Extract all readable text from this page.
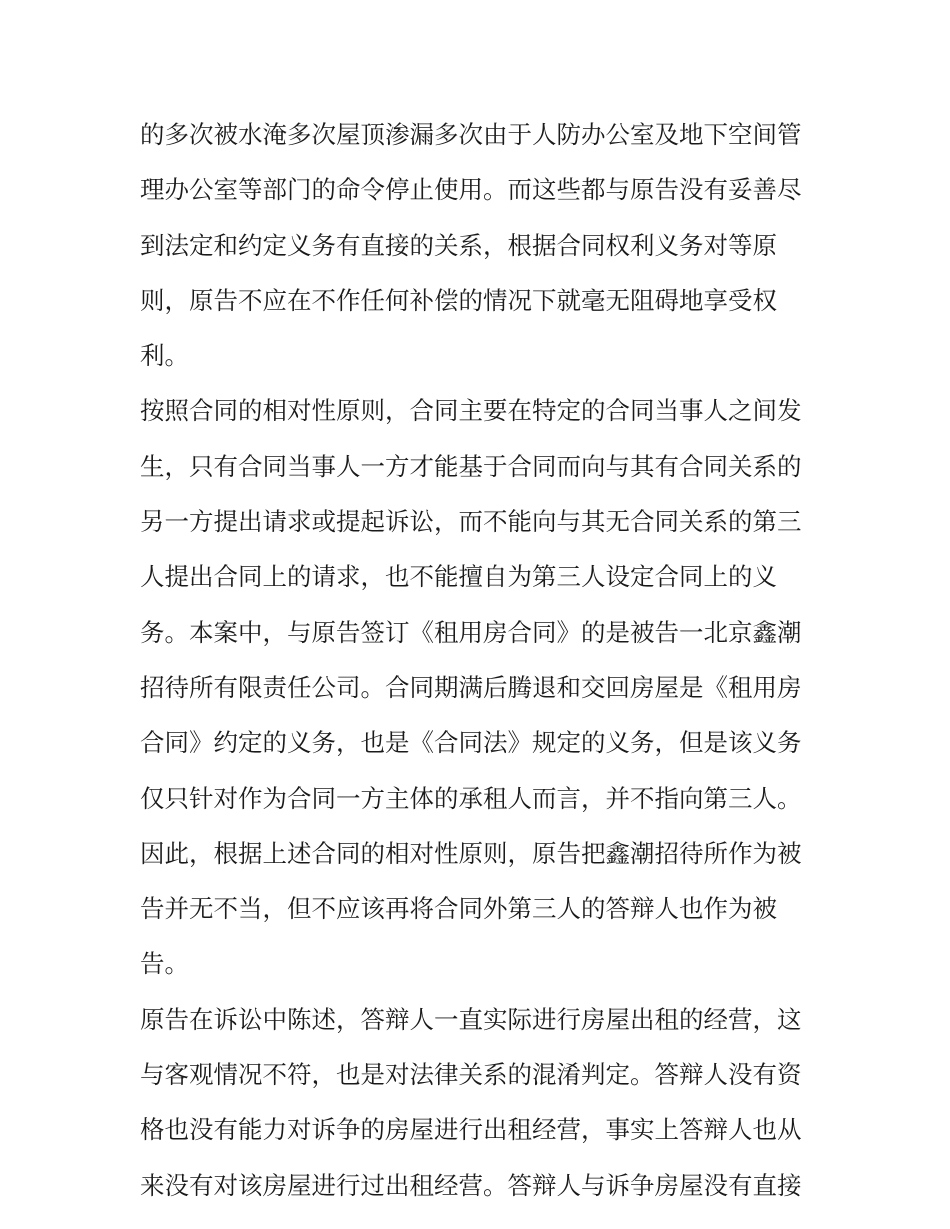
的多次被水淹多次屋顶渗漏多次由于人防办公室及地下空间管
理办公室等部门的命令停止使用。而这些都与原告没有妥善尽
到法定和约定义务有直接的关系，根据合同权利义务对等原
则，原告不应在不作任何补偿的情况下就毫无阻碍地享受权
利。
按照合同的相对性原则，合同主要在特定的合同当事人之间发
生，只有合同当事人一方才能基于合同而向与其有合同关系的
另一方提出请求或提起诉讼，而不能向与其无合同关系的第三
人提出合同上的请求，也不能擅自为第三人设定合同上的义
务。本案中，与原告签订《租用房合同》的是被告一北京鑫潮
招待所有限责任公司。合同期满后腾退和交回房屋是《租用房
合同》约定的义务，也是《合同法》规定的义务，但是该义务
仅只针对作为合同一方主体的承租人而言，并不指向第三人。
因此，根据上述合同的相对性原则，原告把鑫潮招待所作为被
告并无不当，但不应该再将合同外第三人的答辩人也作为被
告。
原告在诉讼中陈述，答辩人一直实际进行房屋出租的经营，这
与客观情况不符，也是对法律关系的混淆判定。答辩人没有资
格也没有能力对诉争的房屋进行出租经营，事实上答辩人也从
来没有对该房屋进行过出租经营。答辩人与诉争房屋没有直接
